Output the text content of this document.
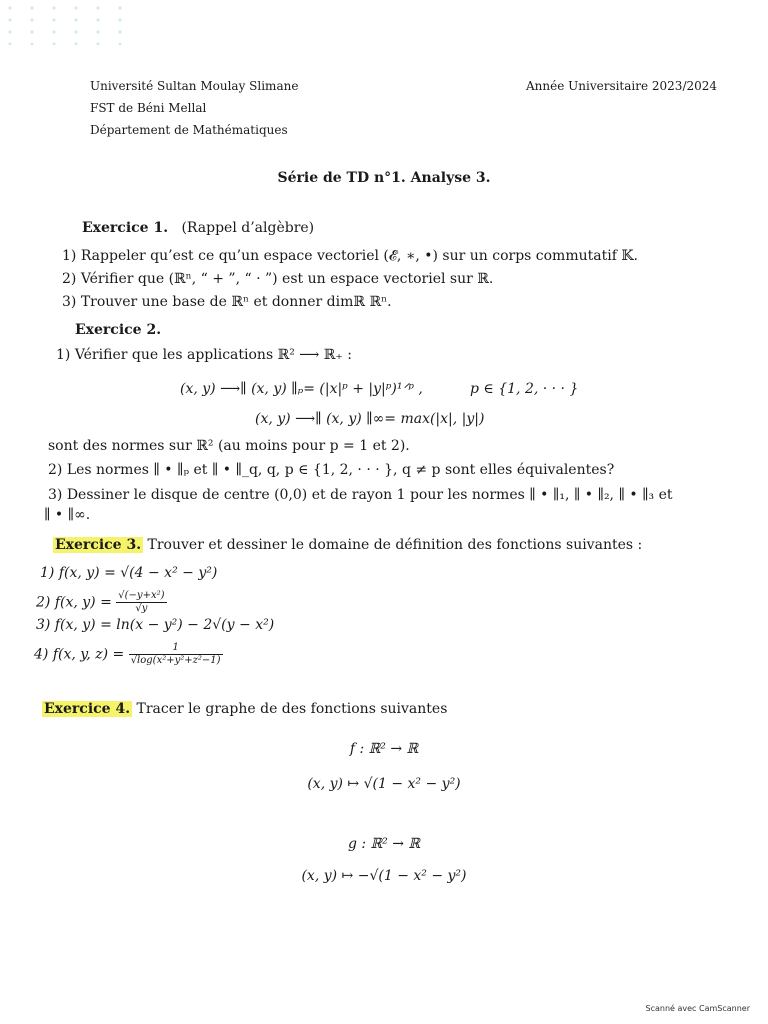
Université Sultan Moulay Slimane
FST de Béni Mellal
Département de Mathématiques
Année Universitaire 2023/2024
Série de TD n°1. Analyse 3.
Exercice 1. (Rappel d’algèbre)
1) Rappeler qu’est ce qu’un espace vectoriel (𝓔, ∗, •) sur un corps commutatif 𝕂.
2) Vérifier que (ℝⁿ, “ + ”, “ · ”) est un espace vectoriel sur ℝ.
3) Trouver une base de ℝⁿ et donner dimℝ ℝⁿ.
Exercice 2.
1) Vérifier que les applications ℝ² ⟶ ℝ₊ :
(x, y) ⟶∥ (x, y) ∥ₚ= (|x|ᵖ + |y|ᵖ)¹ᐟᵖ ,	p ∈ {1, 2, · · · }
(x, y) ⟶∥ (x, y) ∥∞= max(|x|, |y|)
sont des normes sur ℝ² (au moins pour p = 1 et 2).
2) Les normes ∥ • ∥ₚ et ∥ • ∥_q, q, p ∈ {1, 2, · · · }, q ≠ p sont elles équivalentes?
3) Dessiner le disque de centre (0,0) et de rayon 1 pour les normes ∥ • ∥₁, ∥ • ∥₂, ∥ • ∥₃ et
∥ • ∥∞.
Exercice 3. Trouver et dessiner le domaine de définition des fonctions suivantes :
1) f(x, y) = √(4 − x² − y²)
2) f(x, $y) = \frac{\text{√(−y+x²)}}{√y}$
3) f(x, y) = ln(x − y²) − 2√(y − x²)
4) f(x, y, $z) = \frac{1}{\text{√log(x²+y²+z²−1)}}$
Exercice 4. Tracer le graphe de des fonctions suivantes
f : ℝ² → ℝ
(x, y) ↦ √(1 − x² − y²)
g : ℝ² → ℝ
(x, y) ↦ −√(1 − x² − y²)
Scanné avec CamScanner
